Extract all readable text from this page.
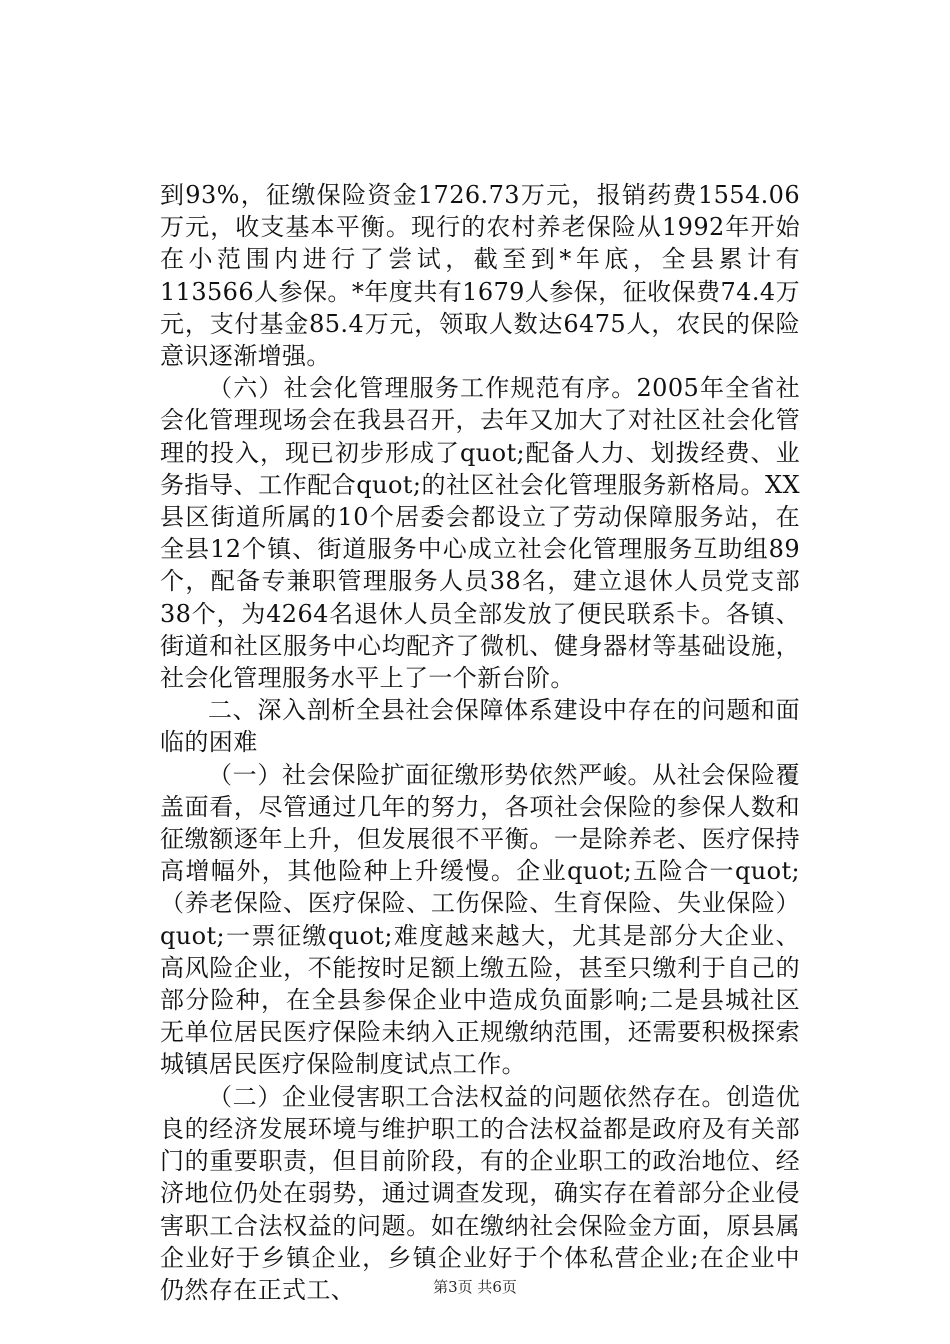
到93%，征缴保险资金1726.73万元，报销药费1554.06万元，收支基本平衡。现行的农村养老保险从1992年开始在小范围内进行了尝试，截至到*年底，全县累计有113566人参保。*年度共有1679人参保，征收保费74.4万元，支付基金85.4万元，领取人数达6475人，农民的保险意识逐渐增强。

（六）社会化管理服务工作规范有序。2005年全省社会化管理现场会在我县召开，去年又加大了对社区社会化管理的投入，现已初步形成了quot;配备人力、划拨经费、业务指导、工作配合quot;的社区社会化管理服务新格局。XX县区街道所属的10个居委会都设立了劳动保障服务站，在全县12个镇、街道服务中心成立社会化管理服务互助组89个，配备专兼职管理服务人员38名，建立退休人员党支部38个，为4264名退休人员全部发放了便民联系卡。各镇、街道和社区服务中心均配齐了微机、健身器材等基础设施，社会化管理服务水平上了一个新台阶。

二、深入剖析全县社会保障体系建设中存在的问题和面临的困难

（一）社会保险扩面征缴形势依然严峻。从社会保险覆盖面看，尽管通过几年的努力，各项社会保险的参保人数和征缴额逐年上升，但发展很不平衡。一是除养老、医疗保持高增幅外，其他险种上升缓慢。企业quot;五险合一quot;（养老保险、医疗保险、工伤保险、生育保险、失业保险）quot;一票征缴quot;难度越来越大，尤其是部分大企业、高风险企业，不能按时足额上缴五险，甚至只缴利于自己的部分险种，在全县参保企业中造成负面影响;二是县城社区无单位居民医疗保险未纳入正规缴纳范围，还需要积极探索城镇居民医疗保险制度试点工作。

（二）企业侵害职工合法权益的问题依然存在。创造优良的经济发展环境与维护职工的合法权益都是政府及有关部门的重要职责，但目前阶段，有的企业职工的政治地位、经济地位仍处在弱势，通过调查发现，确实存在着部分企业侵害职工合法权益的问题。如在缴纳社会保险金方面，原县属企业好于乡镇企业，乡镇企业好于个体私营企业;在企业中仍然存在正式工、	第3页 共6页
